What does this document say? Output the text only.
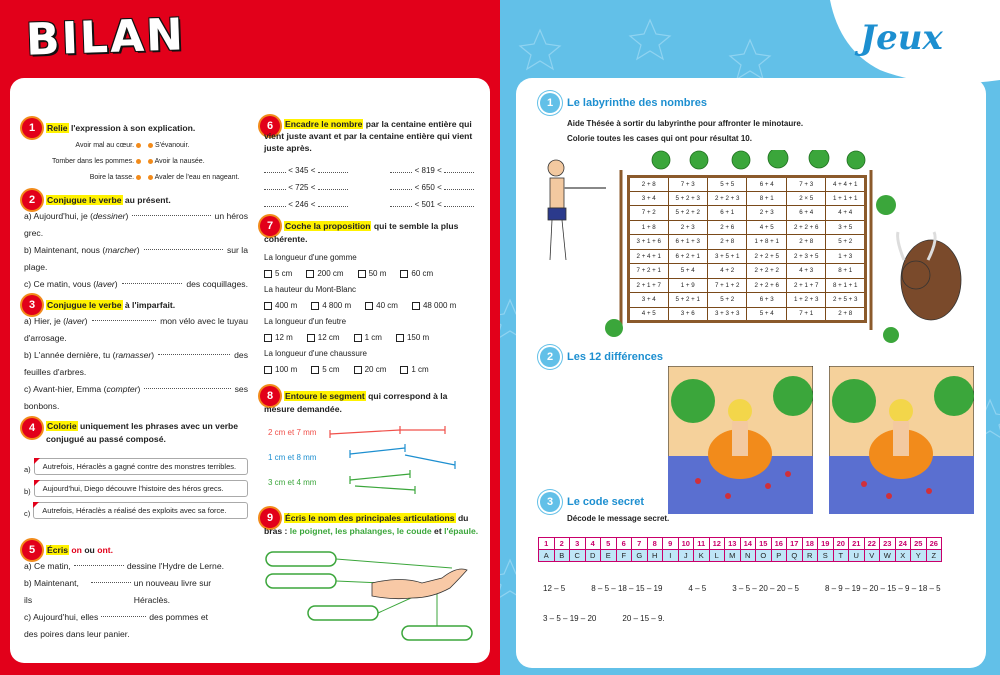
BILAN
1	Relie l'expression à son explication.
Avoir mal au cœur.
Tomber dans les pommes.
Boire la tasse.
S'évanouir.
Avoir la nausée.
Avaler de l'eau en nageant.
2	Conjugue le verbe au présent.
a) Aujourd'hui, je ( dessiner )	un héros
grec.
b) Maintenant, nous ( marcher )	sur la
plage.
c) Ce matin, vous ( laver )	des coquillages.
3	Conjugue le verbe à l'imparfait.
a) Hier, je ( laver )	mon vélo avec le tuyau
d'arrosage.
b) L'année dernière, tu ( ramasser )	des
feuilles d'arbres.
c) Avant-hier, Emma ( compter )	ses
bonbons.
4	Colorie uniquement les phrases avec un verbe conjugué au passé composé.
a)	Autrefois, Héraclès a gagné contre des monstres terribles.
b)	Aujourd'hui, Diego découvre l'histoire des héros grecs.
c)	Autrefois, Héraclès a réalisé des exploits avec sa force.
5	Écris on ou ont.
a) Ce matin,	dessine l'Hydre de Lerne.
b) Maintenant, ils
un nouveau livre sur Héraclès.
c) Aujourd'hui, elles	des pommes et
des poires dans leur panier.
6	Encadre le nombre par la centaine entière qui vient juste avant et par la centaine entière qui vient juste après.
< 345 <	< 819 <
< 725 <	< 650 <
< 246 <	< 501 <
7	Coche la proposition qui te semble la plus cohérente.
La longueur d'une gomme
5 cm	200 cm	50 m	60 cm
La hauteur du Mont-Blanc
400 m	4 800 m	40 cm	48 000 m
La longueur d'un feutre
12 m	12 cm	1 cm	150 m
La longueur d'une chaussure
100 m	5 cm	20 cm	1 cm
8	Entoure le segment qui correspond à la mesure demandée.
2 cm et 7 mm
1 cm et 8 mm
3 cm et 4 mm
9	Écris le nom des principales articulations du bras : le poignet, les phalanges, le coude et l'épaule.
Jeux
1	Le labyrinthe des nombres
Aide Thésée à sortir du labyrinthe pour affronter le minotaure.
Colorie toutes les cases qui ont pour résultat 10.
2 + 8	7 + 3	5 + 5	6 + 4	7 + 3	4 + 4 + 1
3 + 4	5 + 2 + 3	2 + 2 + 3	8 + 1	2 × 5	1 + 1 + 1
7 + 2	5 + 2 + 2	6 + 1	2 + 3	6 + 4	4 + 4
1 + 8	2 + 3	2 + 6	4 + 5	2 + 2 + 6	3 + 5
3 + 1 + 6	6 + 1 + 3	2 + 8	1 + 8 + 1	2 + 8	5 + 2
2 + 4 + 1	6 + 2 + 1	3 + 5 + 1	2 + 2 + 5	2 + 3 + 5	1 + 3
7 + 2 + 1	5 + 4	4 + 2	2 + 2 + 2	4 + 3	8 + 1
2 + 1 + 7	1 + 9	7 + 1 + 2	2 + 2 + 6	2 + 1 + 7	8 + 1 + 1
3 + 4	5 + 2 + 1	5 + 2	6 + 3	1 + 2 + 3	2 + 5 + 3
4 + 5	3 + 6	3 + 3 + 3	5 + 4	7 + 1	2 + 8
2	Les 12 différences
3	Le code secret
Décode le message secret.
1	2	3	4	5	6	7	8	9	10	11	12	13	14	15	16	17	18	19	20	21	22	23	24	25	26
A	B	C	D	E	F	G	H	I	J	K	L	M	N	O	P	Q	R	S	T	U	V	W	X	Y	Z
12 – 5	8 – 5 – 18 – 15 – 19	4 – 5	3 – 5 – 20 – 20 – 5	8 – 9 – 19 – 20 – 15 – 9 – 18 – 5
3 – 5 – 19 – 20	20 – 15 – 9.
33
